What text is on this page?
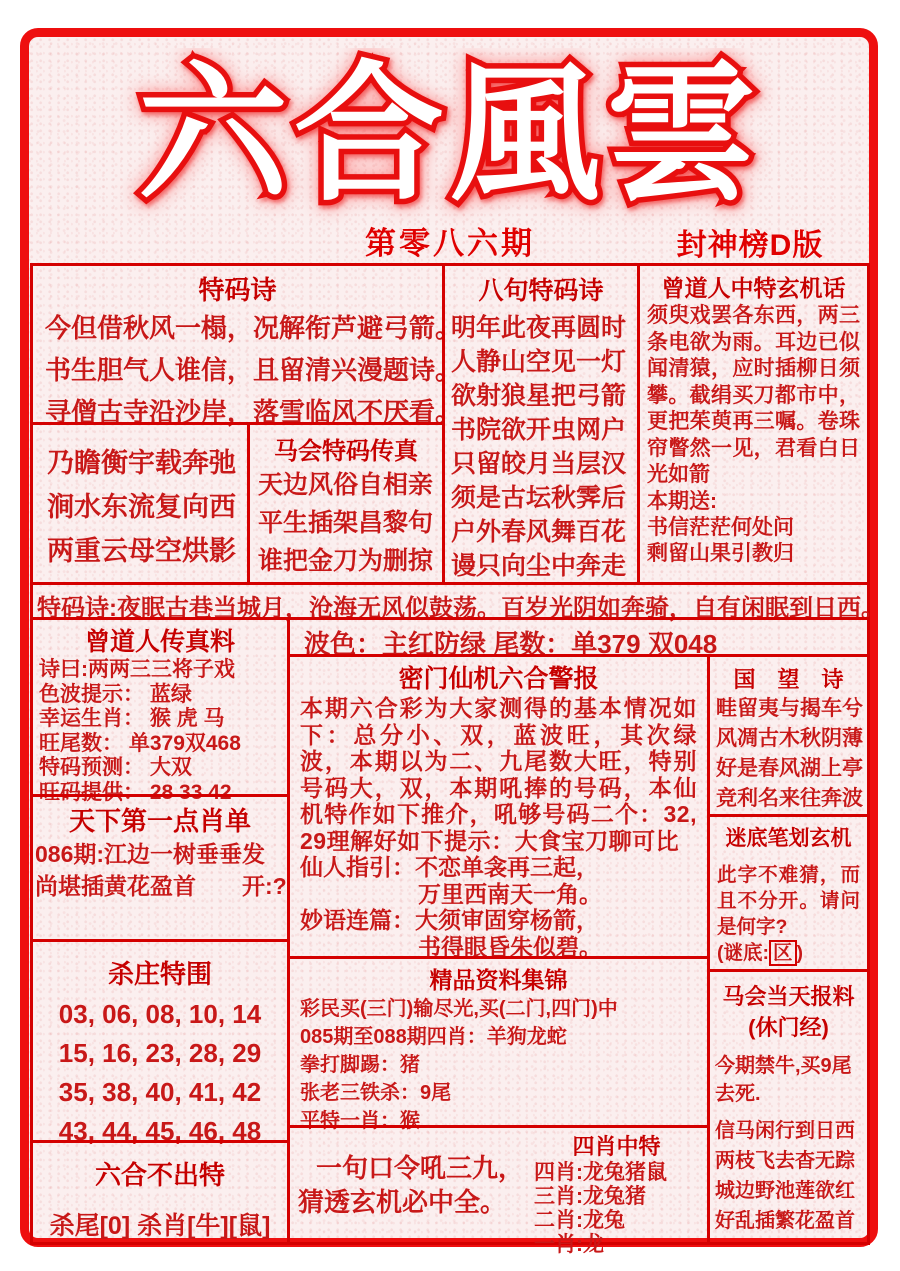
六合風雲
第零八六期	封神榜D版
特码诗
今但借秋风一榻，况解衔芦避弓箭。
书生胆气人谁信，且留清兴漫题诗。
寻僧古寺沿沙岸，落雪临风不厌看。
乃瞻衡宇载奔弛
涧水东流复向西
两重云母空烘影
马会特码传真
天边风俗自相亲
平生插架昌黎句
谁把金刀为删掠
八句特码诗
明年此夜再圆时
人静山空见一灯
欲射狼星把弓箭
书院欲开虫网户
只留皎月当层汉
须是古坛秋霁后
户外春风舞百花
谩只向尘中奔走
曾道人中特玄机话
须臾戏罢各东西，两三条电欲为雨。耳边已似闻清猿，应时插柳日须攀。截绢买刀都市中，更把茱萸再三嘱。卷珠帘瞥然一见，君看白日光如箭
本期送:
书信茫茫何处问
剩留山果引教归
特码诗:夜眠古巷当城月，沧海无风似鼓荡。百岁光阴如奔骑，自有闲眠到日西。
曾道人传真料
诗曰:两两三三将子戏
色波提示： 蓝绿
幸运生肖： 猴 虎 马
旺尾数： 单379双468
特码预测： 大双
旺码提供： 28 33 42
天下第一点肖单
086期:江边一树垂垂发
尚堪插黄花盈首　　开:?
杀庄特围
03, 06, 08, 10, 14
15, 16, 23, 28, 29
35, 38, 40, 41, 42
43, 44, 45, 46, 48
六合不出特
杀尾[0] 杀肖[牛][鼠]
波色：主红防绿 尾数：单379 双048
密门仙机六合警报
本期六合彩为大家测得的基本情况如下：总分小、双，蓝波旺，其次绿波，本期以为二、九尾数大旺，特别号码大，双，本期吼捧的号码，本仙机特作如下推介，吼够号码二个：32,29理解好如下提示：大食宝刀聊可比
仙人指引：不恋单衾再三起，
万里西南天一角。
妙语连篇：大须审固穿杨箭，
书得眼昏朱似碧。
精品资料集锦
彩民买(三门)输尽光,买(二门,四门)中
085期至088期四肖：羊狗龙蛇
拳打脚踢：猪
张老三铁杀：9尾
平特一肖：猴
一句口令吼三九，
猜透玄机必中全。
四肖中特
四肖:龙兔猪鼠
三肖:龙兔猪
二肖:龙兔
一肖:龙
国　望　诗
畦留夷与揭车兮
风凋古木秋阴薄
好是春风湖上亭
竞利名来往奔波
迷底笔划玄机
此字不难猜，而且不分开。请问是何字?
(谜底: 区 )
马会当天报料
(休门经)
今期禁牛,买9尾
去死.
信马闲行到日西
两枝飞去杳无踪
城边野池莲欲红
好乱插繁花盈首
